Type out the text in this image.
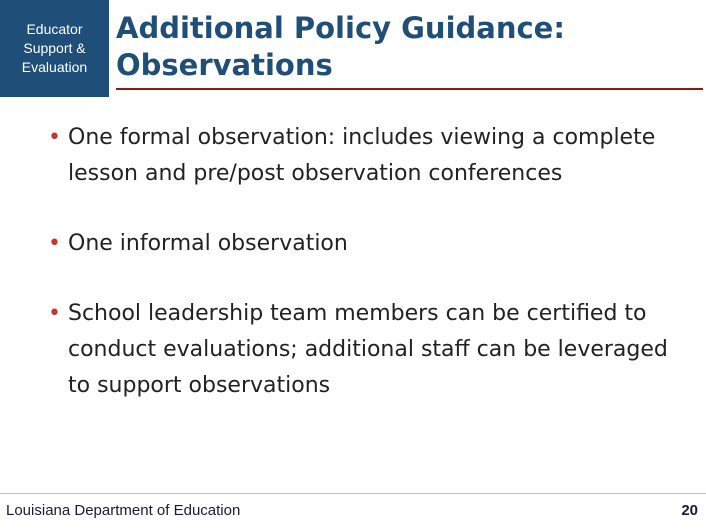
Educator
Support &
Evaluation
Additional Policy Guidance:
Observations
• One formal observation: includes viewing a complete lesson and pre/post observation conferences
• One informal observation
• School leadership team members can be certified to conduct evaluations; additional staff can be leveraged to support observations
Louisiana Department of Education	20
